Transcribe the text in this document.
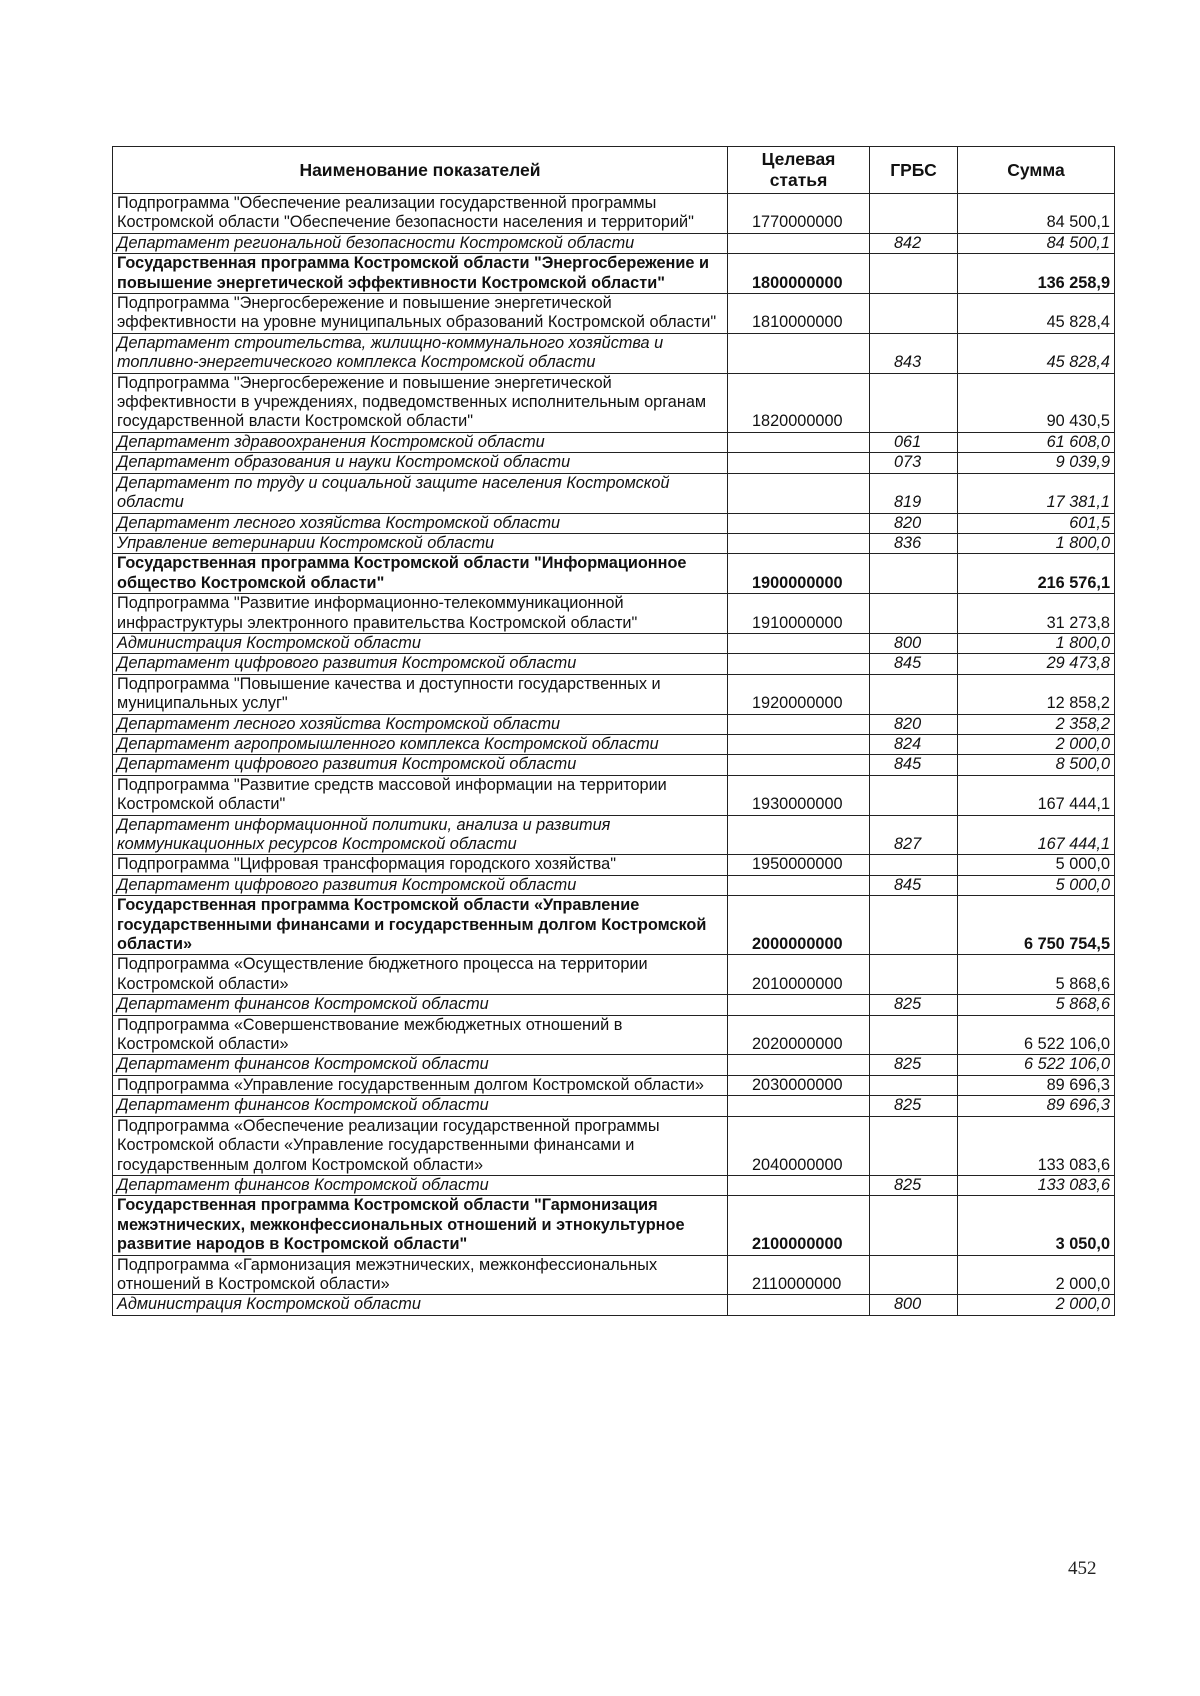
Наименование показателей	Целевая статья	ГРБС	Сумма
Подпрограмма "Обеспечение реализации государственной программы Костромской области "Обеспечение безопасности населения и территорий"	1770000000		84 500,1
Департамент региональной безопасности Костромской области		842	84 500,1
Государственная программа Костромской области "Энергосбережение и повышение энергетической эффективности Костромской области"	1800000000		136 258,9
Подпрограмма "Энергосбережение и повышение энергетической эффективности на уровне муниципальных образований Костромской области"	1810000000		45 828,4
Департамент строительства, жилищно-коммунального хозяйства и топливно-энергетического комплекса Костромской области		843	45 828,4
Подпрограмма "Энергосбережение и повышение энергетической эффективности в учреждениях, подведомственных исполнительным органам государственной власти Костромской области"	1820000000		90 430,5
Департамент здравоохранения Костромской области		061	61 608,0
Департамент образования и науки Костромской области		073	9 039,9
Департамент по труду и социальной защите населения Костромской области		819	17 381,1
Департамент лесного хозяйства Костромской области		820	601,5
Управление ветеринарии Костромской области		836	1 800,0
Государственная программа Костромской области "Информационное общество Костромской области"	1900000000		216 576,1
Подпрограмма "Развитие информационно-телекоммуникационной инфраструктуры электронного правительства Костромской области"	1910000000		31 273,8
Администрация Костромской области		800	1 800,0
Департамент цифрового развития Костромской области		845	29 473,8
Подпрограмма "Повышение качества и доступности государственных и муниципальных услуг"	1920000000		12 858,2
Департамент лесного хозяйства Костромской области		820	2 358,2
Департамент агропромышленного комплекса Костромской области		824	2 000,0
Департамент цифрового развития Костромской области		845	8 500,0
Подпрограмма "Развитие средств массовой информации на территории Костромской области"	1930000000		167 444,1
Департамент информационной политики, анализа и развития коммуникационных ресурсов Костромской области		827	167 444,1
Подпрограмма "Цифровая трансформация городского хозяйства"	1950000000		5 000,0
Департамент цифрового развития Костромской области		845	5 000,0
Государственная программа Костромской области «Управление государственными финансами и государственным долгом Костромской области»	2000000000		6 750 754,5
Подпрограмма «Осуществление бюджетного процесса на территории Костромской области»	2010000000		5 868,6
Департамент финансов Костромской области		825	5 868,6
Подпрограмма «Совершенствование межбюджетных отношений в Костромской области»	2020000000		6 522 106,0
Департамент финансов Костромской области		825	6 522 106,0
Подпрограмма «Управление государственным долгом Костромской области»	2030000000		89 696,3
Департамент финансов Костромской области		825	89 696,3
Подпрограмма «Обеспечение реализации государственной программы Костромской области «Управление государственными финансами и государственным долгом Костромской области»	2040000000		133 083,6
Департамент финансов Костромской области		825	133 083,6
Государственная программа Костромской области "Гармонизация межэтнических, межконфессиональных отношений и этнокультурное развитие народов в Костромской области"	2100000000		3 050,0
Подпрограмма «Гармонизация межэтнических, межконфессиональных отношений в Костромской области»	2110000000		2 000,0
Администрация Костромской области		800	2 000,0
452
